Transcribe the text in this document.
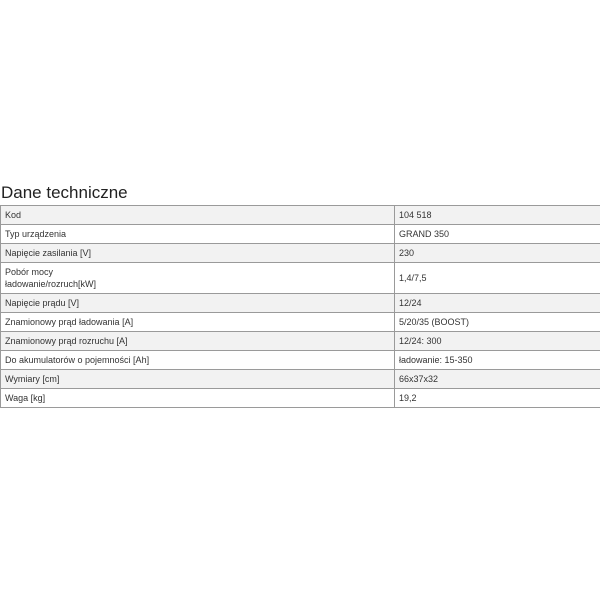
Dane techniczne
Kod	104 518
Typ urządzenia	GRAND 350
Napięcie zasilania [V]	230
Pobór mocy
ładowanie/rozruch[kW]	1,4/7,5
Napięcie prądu [V]	12/24
Znamionowy prąd ładowania [A]	5/20/35 (BOOST)
Znamionowy prąd rozruchu [A]	12/24: 300
Do akumulatorów o pojemności [Ah]	ładowanie: 15-350
Wymiary [cm]	66x37x32
Waga [kg]	19,2
